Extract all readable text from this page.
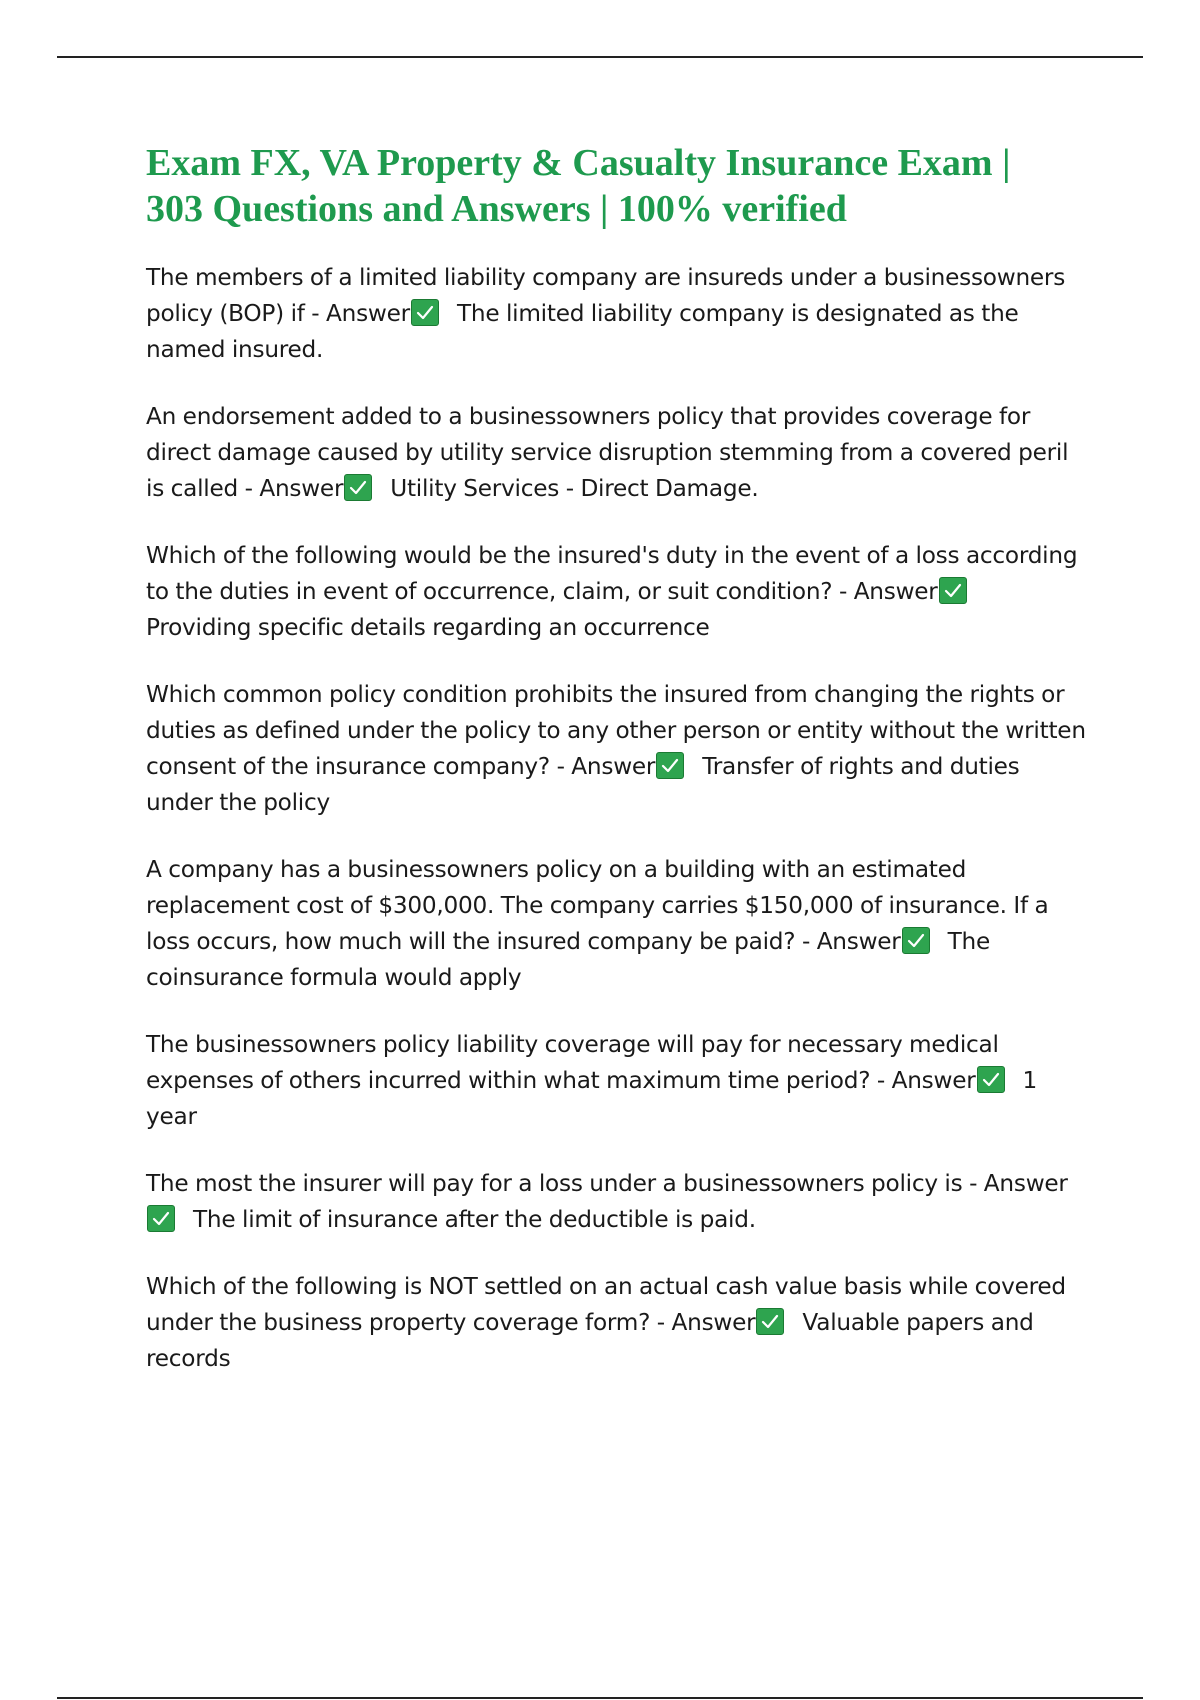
Exam FX, VA Property & Casualty Insurance Exam |
303 Questions and Answers | 100% verified

The members of a limited liability company are insureds under a businessowners policy (BOP) if - Answer The limited liability company is designated as the named insured.

An endorsement added to a businessowners policy that provides coverage for direct damage caused by utility service disruption stemming from a covered peril is called - Answer Utility Services - Direct Damage.

Which of the following would be the insured's duty in the event of a loss according to the duties in event of occurrence, claim, or suit condition? - Answer
Providing specific details regarding an occurrence

Which common policy condition prohibits the insured from changing the rights or duties as defined under the policy to any other person or entity without the written consent of the insurance company? - Answer Transfer of rights and duties under the policy

A company has a businessowners policy on a building with an estimated replacement cost of $300,000. The company carries $150,000 of insurance. If a loss occurs, how much will the insured company be paid? - Answer The coinsurance formula would apply

The businessowners policy liability coverage will pay for necessary medical expenses of others incurred within what maximum time period? - Answer 1 year

The most the insurer will pay for a loss under a businessowners policy is - Answer
The limit of insurance after the deductible is paid.

Which of the following is NOT settled on an actual cash value basis while covered under the business property coverage form? - Answer Valuable papers and records
